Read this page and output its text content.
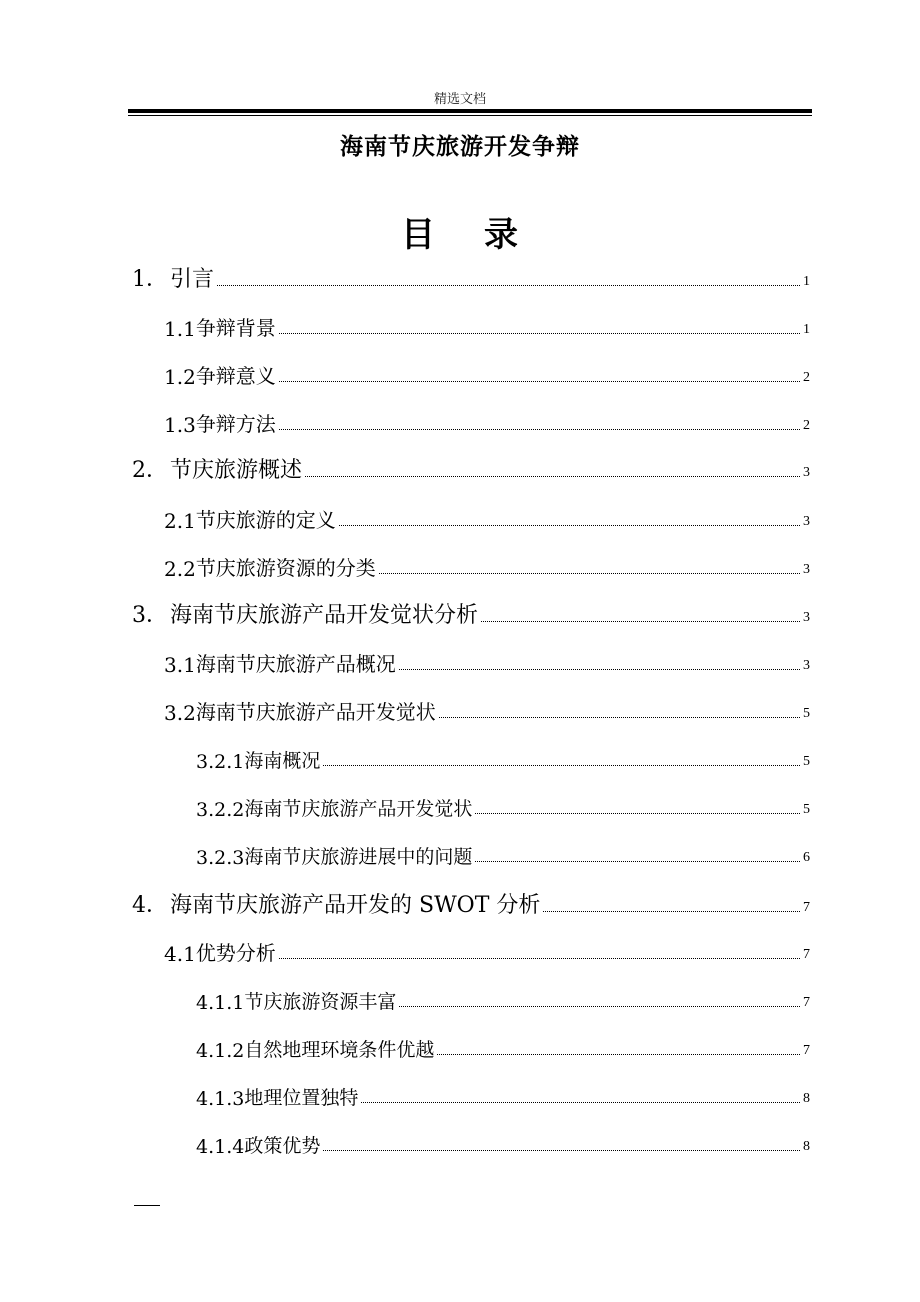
精选文档
海南节庆旅游开发争辩
目 录
1． 引言	1
1.1 争辩背景	1
1.2 争辩意义	2
1.3 争辩方法	2
2． 节庆旅游概述	3
2.1 节庆旅游的定义	3
2.2 节庆旅游资源的分类	3
3． 海南节庆旅游产品开发觉状分析	3
3.1 海南节庆旅游产品概况	3
3.2 海南节庆旅游产品开发觉状	5
3.2.1 海南概况	5
3.2.2 海南节庆旅游产品开发觉状	5
3.2.3 海南节庆旅游进展中的问题	6
4． 海南节庆旅游产品开发的 SWOT 分析	7
4.1 优势分析	7
4.1.1 节庆旅游资源丰富	7
4.1.2 自然地理环境条件优越	7
4.1.3 地理位置独特	8
4.1.4 政策优势	8
